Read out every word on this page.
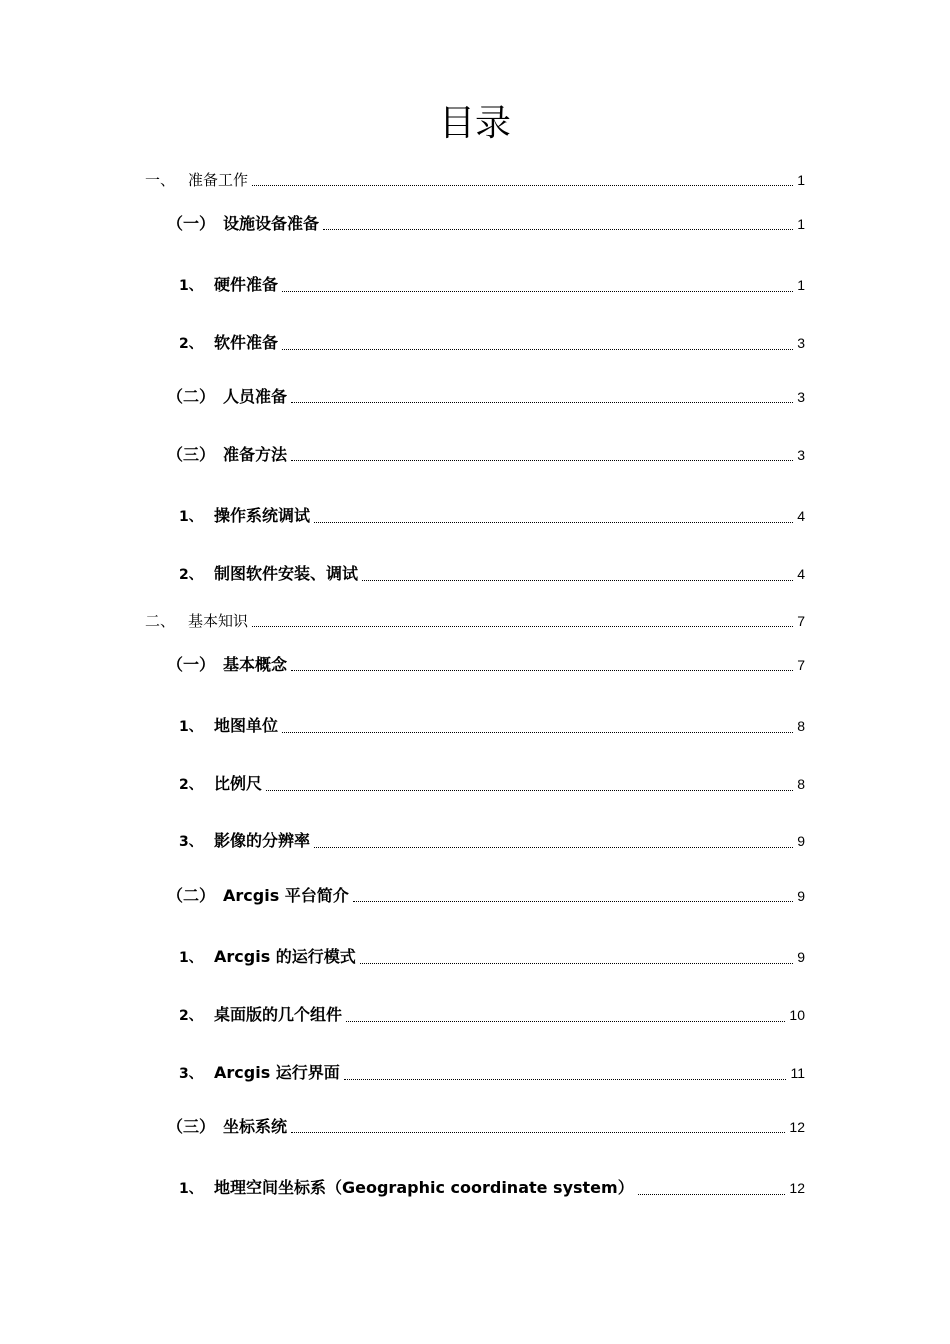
目录
一、 准备工作	1
（一） 设施设备准备	1
1、 硬件准备	1
2、 软件准备	3
（二） 人员准备	3
（三） 准备方法	3
1、 操作系统调试	4
2、 制图软件安装、调试	4
二、 基本知识	7
（一） 基本概念	7
1、 地图单位	8
2、 比例尺	8
3、 影像的分辨率	9
（二） Arcgis 平台简介	9
1、 Arcgis 的运行模式	9
2、 桌面版的几个组件	10
3、 Arcgis 运行界面	11
（三） 坐标系统	12
1、 地理空间坐标系（Geographic coordinate system）	12
